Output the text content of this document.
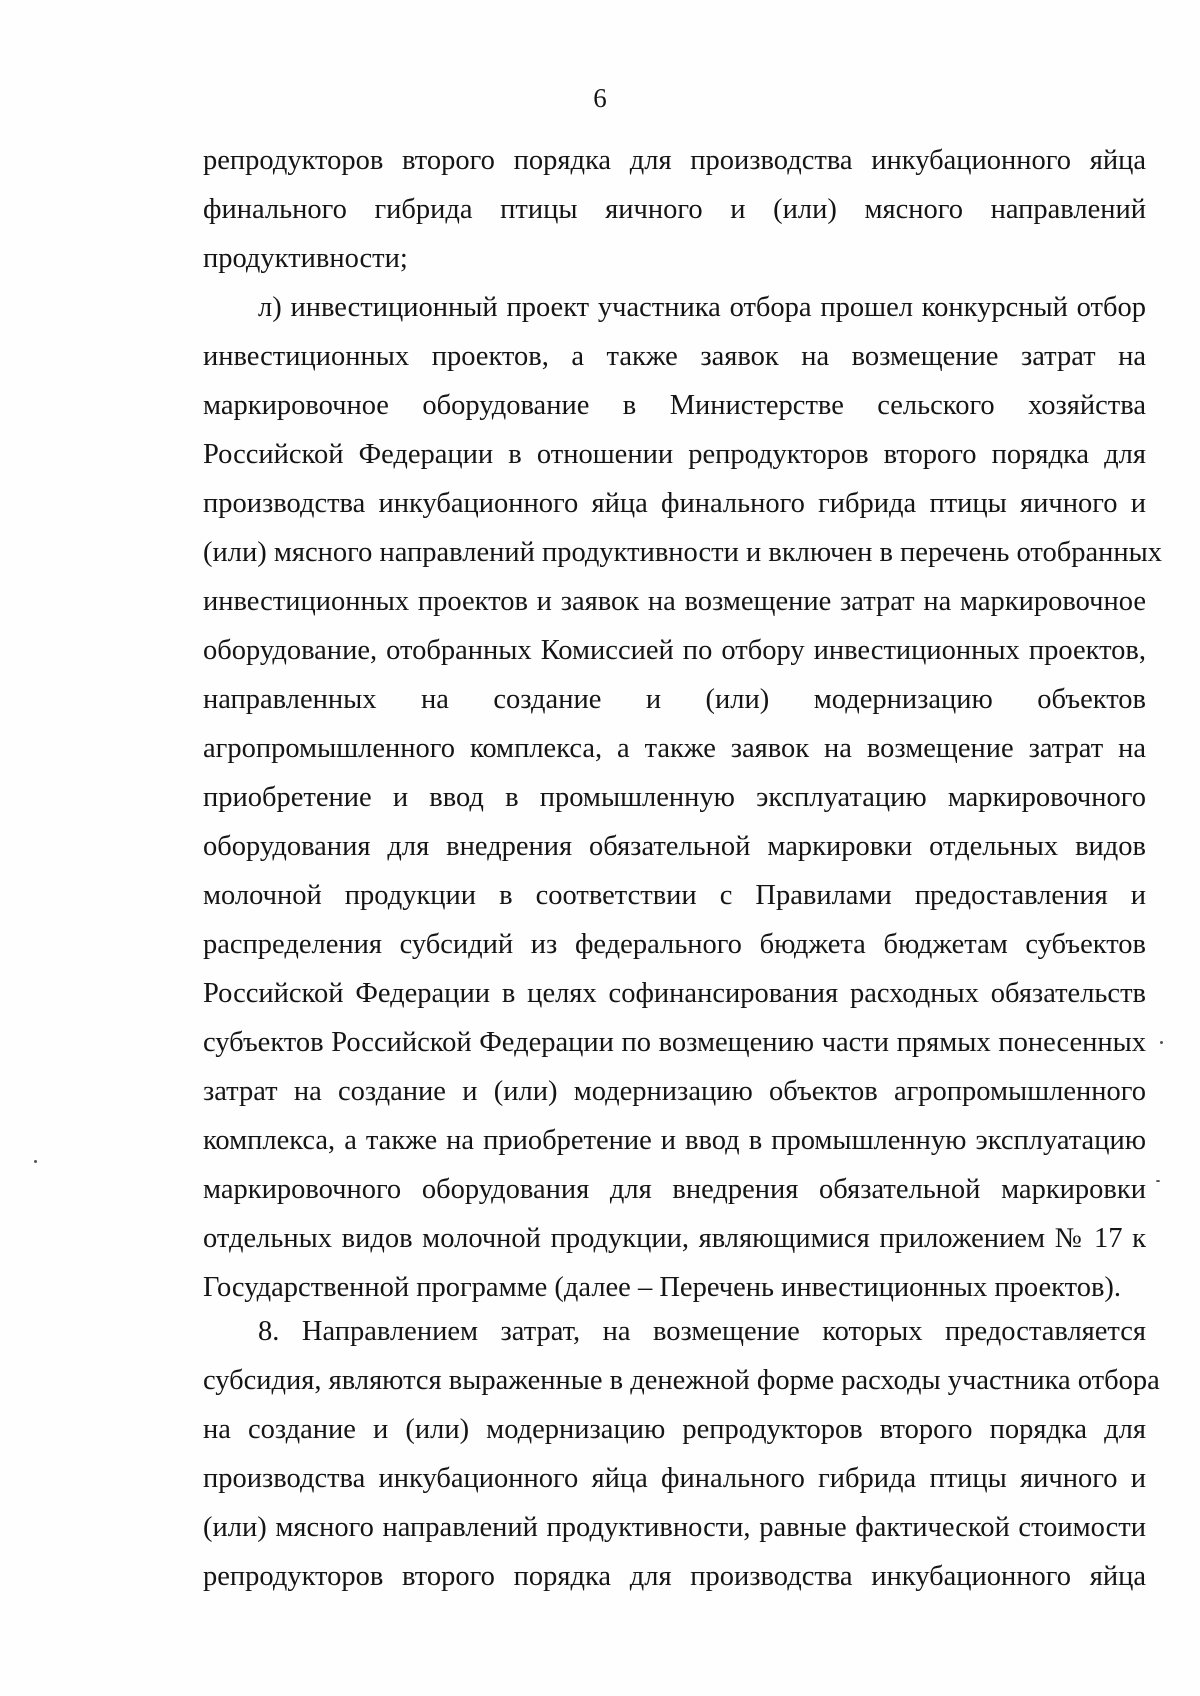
6
репродукторов второго порядка для производства инкубационного яйца
финального гибрида птицы яичного и (или) мясного направлений
продуктивности;
л) инвестиционный проект участника отбора прошел конкурсный отбор
инвестиционных проектов, а также заявок на возмещение затрат на
маркировочное оборудование в Министерстве сельского хозяйства
Российской Федерации в отношении репродукторов второго порядка для
производства инкубационного яйца финального гибрида птицы яичного и
(или) мясного направлений продуктивности и включен в перечень отобранных
инвестиционных проектов и заявок на возмещение затрат на маркировочное
оборудование, отобранных Комиссией по отбору инвестиционных проектов,
направленных на создание и (или) модернизацию объектов
агропромышленного комплекса, а также заявок на возмещение затрат на
приобретение и ввод в промышленную эксплуатацию маркировочного
оборудования для внедрения обязательной маркировки отдельных видов
молочной продукции в соответствии с Правилами предоставления и
распределения субсидий из федерального бюджета бюджетам субъектов
Российской Федерации в целях софинансирования расходных обязательств
субъектов Российской Федерации по возмещению части прямых понесенных
затрат на создание и (или) модернизацию объектов агропромышленного
комплекса, а также на приобретение и ввод в промышленную эксплуатацию
маркировочного оборудования для внедрения обязательной маркировки
отдельных видов молочной продукции, являющимися приложением № 17 к
Государственной программе (далее – Перечень инвестиционных проектов).
8. Направлением затрат, на возмещение которых предоставляется
субсидия, являются выраженные в денежной форме расходы участника отбора
на создание и (или) модернизацию репродукторов второго порядка для
производства инкубационного яйца финального гибрида птицы яичного и
(или) мясного направлений продуктивности, равные фактической стоимости
репродукторов второго порядка для производства инкубационного яйца
